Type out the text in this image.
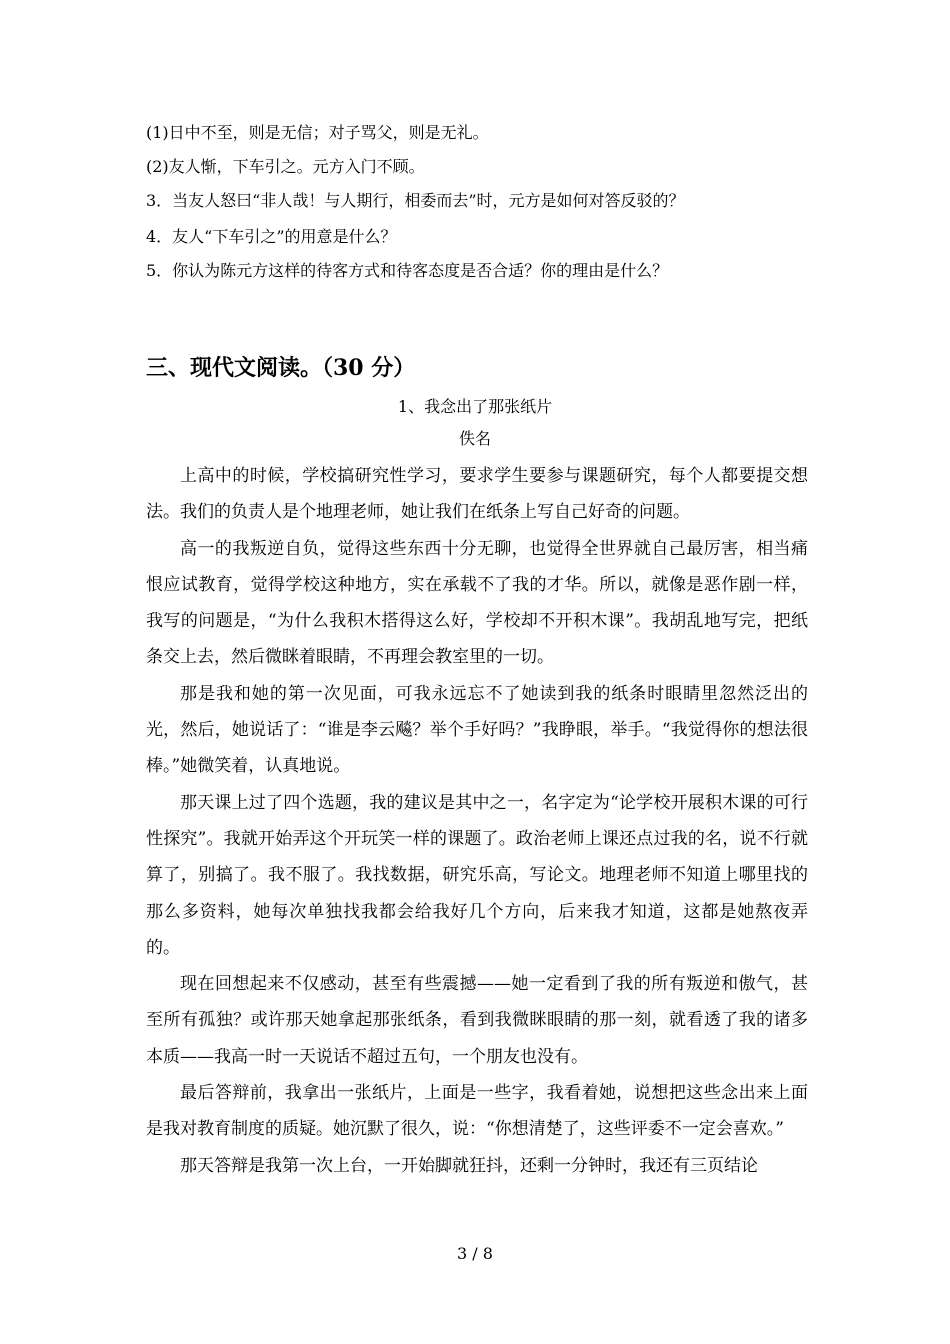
(1)日中不至，则是无信；对子骂父，则是无礼。
(2)友人惭，下车引之。元方入门不顾。
3．当友人怒曰“非人哉！与人期行，相委而去”时，元方是如何对答反驳的？
4．友人“下车引之”的用意是什么？
5．你认为陈元方这样的待客方式和待客态度是否合适？你的理由是什么？
三、现代文阅读。（30 分）
1、我念出了那张纸片
佚名

上高中的时候，学校搞研究性学习，要求学生要参与课题研究，每个人都要提交想法。我们的负责人是个地理老师，她让我们在纸条上写自己好奇的问题。

高一的我叛逆自负，觉得这些东西十分无聊，也觉得全世界就自己最厉害，相当痛恨应试教育，觉得学校这种地方，实在承载不了我的才华。所以，就像是恶作剧一样，我写的问题是，“为什么我积木搭得这么好，学校却不开积木课”。我胡乱地写完，把纸条交上去，然后微眯着眼睛，不再理会教室里的一切。

那是我和她的第一次见面，可我永远忘不了她读到我的纸条时眼睛里忽然泛出的光，然后，她说话了：“谁是李云飚？举个手好吗？”我睁眼，举手。“我觉得你的想法很棒。”她微笑着，认真地说。

那天课上过了四个选题，我的建议是其中之一，名字定为“论学校开展积木课的可行性探究”。我就开始弄这个开玩笑一样的课题了。政治老师上课还点过我的名，说不行就算了，别搞了。我不服了。我找数据，研究乐高，写论文。地理老师不知道上哪里找的那么多资料，她每次单独找我都会给我好几个方向，后来我才知道，这都是她熬夜弄的。

现在回想起来不仅感动，甚至有些震撼——她一定看到了我的所有叛逆和傲气，甚至所有孤独？或许那天她拿起那张纸条，看到我微眯眼睛的那一刻，就看透了我的诸多本质——我高一时一天说话不超过五句，一个朋友也没有。

最后答辩前，我拿出一张纸片，上面是一些字，我看着她，说想把这些念出来上面是我对教育制度的质疑。她沉默了很久，说：“你想清楚了，这些评委不一定会喜欢。”

那天答辩是我第一次上台，一开始脚就狂抖，还剩一分钟时，我还有三页结论

3 / 8
